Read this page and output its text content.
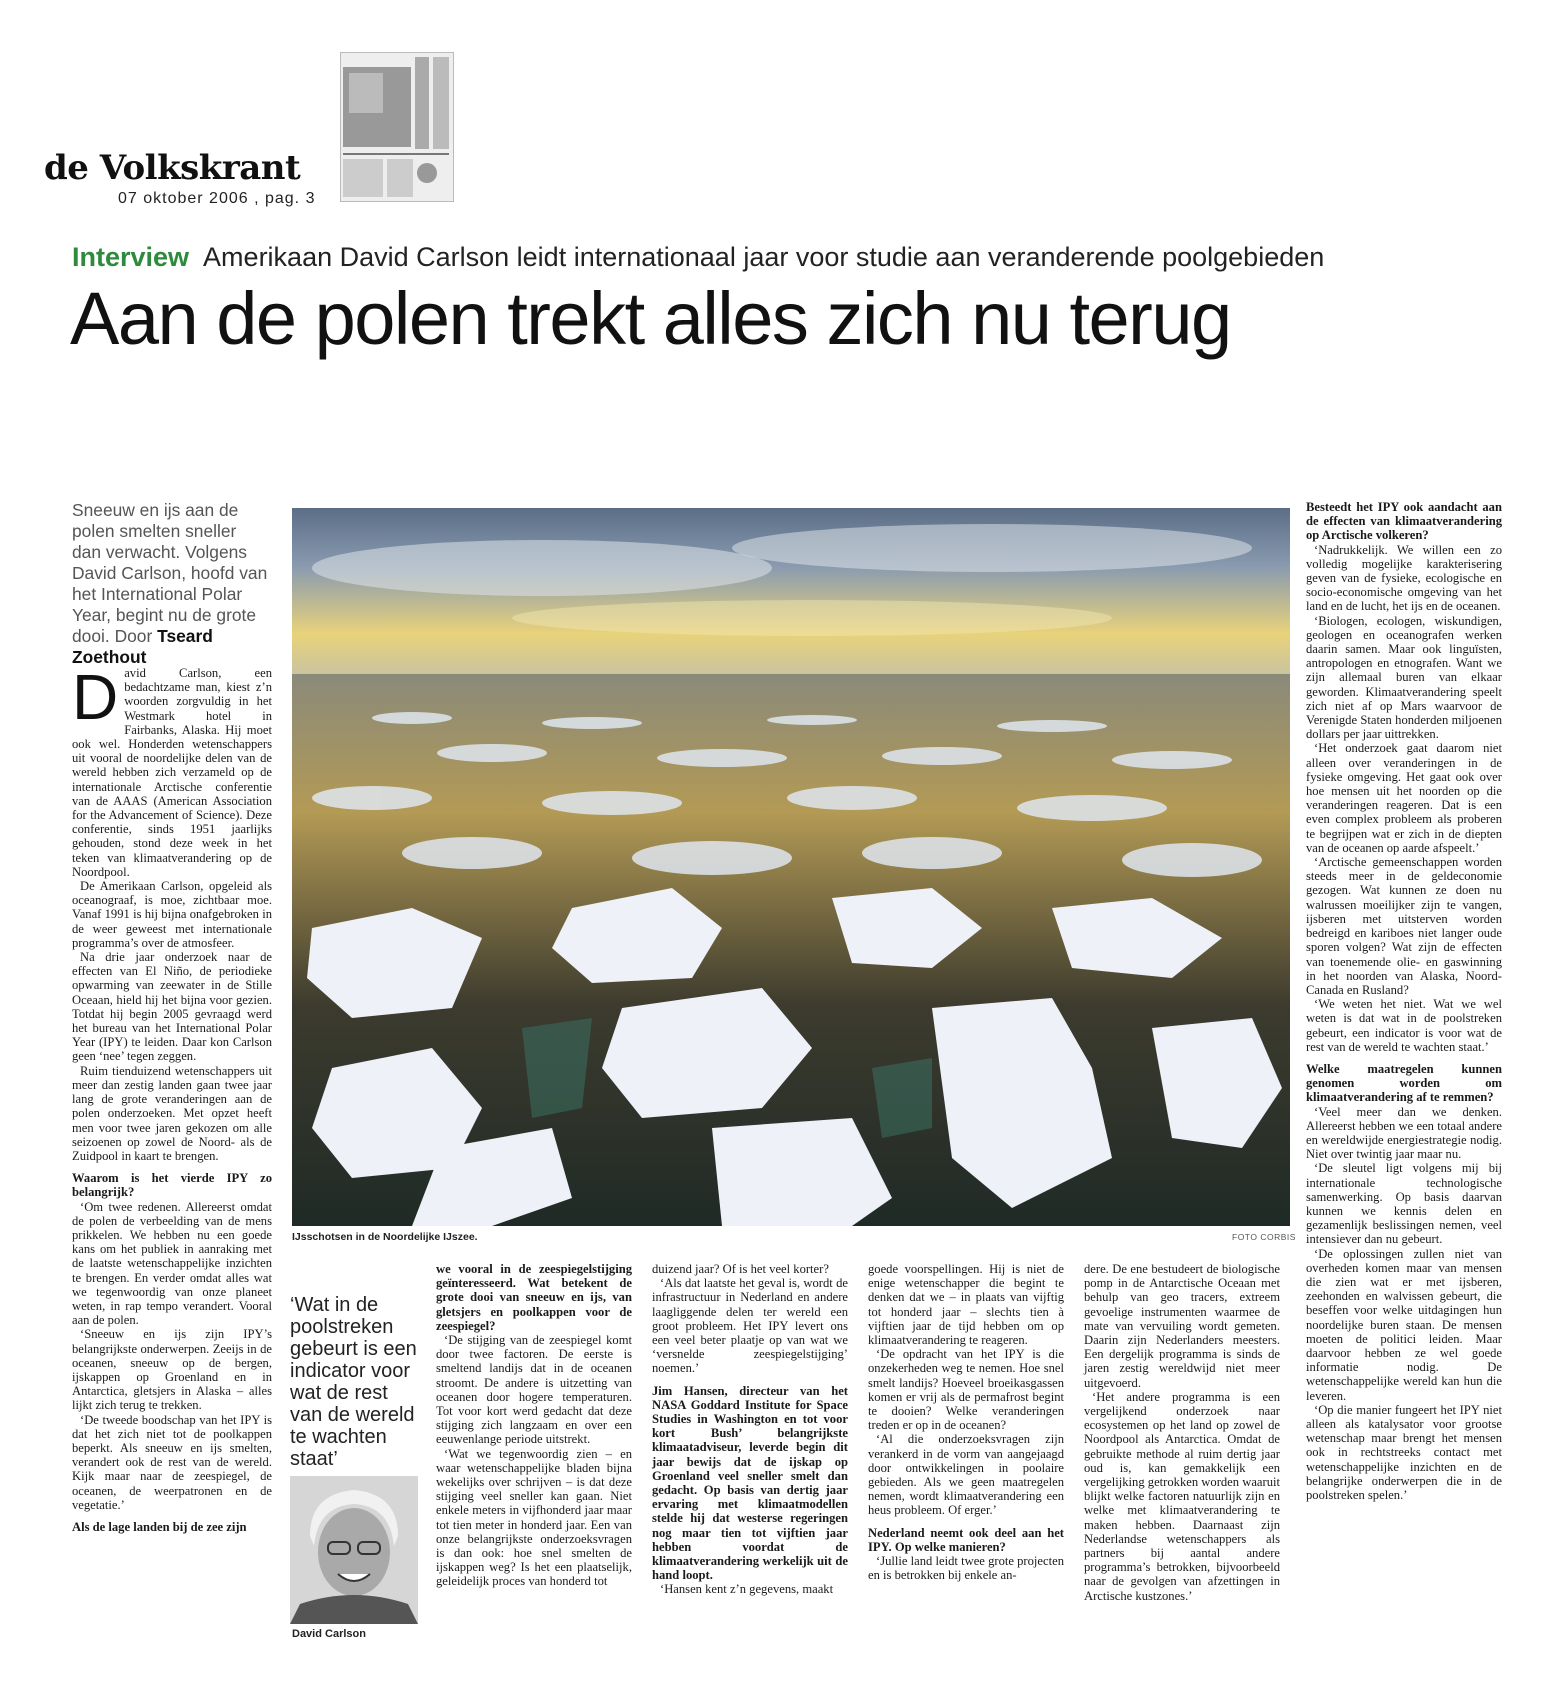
de Volkskrant
07 oktober 2006 , pag. 3
Interview Amerikaan David Carlson leidt internationaal jaar voor studie aan veranderende poolgebieden
Aan de polen trekt alles zich nu terug
Sneeuw en ijs aan de polen smelten sneller dan verwacht. Volgens David Carlson, hoofd van het International Polar Year, begint nu de grote dooi. Door Tseard Zoethout
IJsschotsen in de Noordelijke IJszee.	FOTO CORBIS
D avid Carlson, een bedachtzame man, kiest z’n woorden zorgvuldig in het Westmark hotel in Fairbanks, Alaska. Hij moet ook wel. Honderden wetenschappers uit vooral de noordelijke delen van de wereld hebben zich verzameld op de internationale Arctische conferentie van de AAAS (American Association for the Advancement of Science). Deze conferentie, sinds 1951 jaarlijks gehouden, stond deze week in het teken van klimaatverandering op de Noordpool.

De Amerikaan Carlson, opgeleid als oceanograaf, is moe, zichtbaar moe. Vanaf 1991 is hij bijna onafgebroken in de weer geweest met internationale programma’s over de atmosfeer.

Na drie jaar onderzoek naar de effecten van El Niño, de periodieke opwarming van zeewater in de Stille Oceaan, hield hij het bijna voor gezien. Totdat hij begin 2005 gevraagd werd het bureau van het International Polar Year (IPY) te leiden. Daar kon Carlson geen ‘nee’ tegen zeggen.

Ruim tienduizend wetenschappers uit meer dan zestig landen gaan twee jaar lang de grote veranderingen aan de polen onderzoeken. Met opzet heeft men voor twee jaren gekozen om alle seizoenen op zowel de Noord- als de Zuidpool in kaart te brengen.

Waarom is het vierde IPY zo belangrijk?

‘Om twee redenen. Allereerst omdat de polen de verbeelding van de mens prikkelen. We hebben nu een goede kans om het publiek in aanraking met de laatste wetenschappelijke inzichten te brengen. En verder omdat alles wat we tegenwoordig van onze planeet weten, in rap tempo verandert. Vooral aan de polen.

‘Sneeuw en ijs zijn IPY’s belangrijkste onderwerpen. Zeeijs in de oceanen, sneeuw op de bergen, ijskappen op Groenland en in Antarctica, gletsjers in Alaska – alles lijkt zich terug te trekken.

‘De tweede boodschap van het IPY is dat het zich niet tot de poolkappen beperkt. Als sneeuw en ijs smelten, verandert ook de rest van de wereld. Kijk maar naar de zeespiegel, de oceanen, de weerpatronen en de vegetatie.’

Als de lage landen bij de zee zijn

‘Wat in de poolstreken gebeurt is een indicator voor wat de rest van de wereld te wachten staat’
David Carlson

we vooral in de zeespiegelstijging geïnteresseerd. Wat betekent de grote dooi van sneeuw en ijs, van gletsjers en poolkappen voor de zeespiegel?

‘De stijging van de zeespiegel komt door twee factoren. De eerste is smeltend landijs dat in de oceanen stroomt. De andere is uitzetting van oceanen door hogere temperaturen. Tot voor kort werd gedacht dat deze stijging zich langzaam en over een eeuwenlange periode uitstrekt.

‘Wat we tegenwoordig zien – en waar wetenschappelijke bladen bijna wekelijks over schrijven – is dat deze stijging veel sneller kan gaan. Niet enkele meters in vijfhonderd jaar maar tot tien meter in honderd jaar. Een van onze belangrijkste onderzoeksvragen is dan ook: hoe snel smelten de ijskappen weg? Is het een plaatselijk, geleidelijk proces van honderd tot

duizend jaar? Of is het veel korter?

‘Als dat laatste het geval is, wordt de infrastructuur in Nederland en andere laagliggende delen ter wereld een groot probleem. Het IPY levert ons een veel beter plaatje op van wat we ‘versnelde zeespiegelstijging’ noemen.’

Jim Hansen, directeur van het NASA Goddard Institute for Space Studies in Washington en tot voor kort Bush’ belangrijkste klimaatadviseur, leverde begin dit jaar bewijs dat de ijskap op Groenland veel sneller smelt dan gedacht. Op basis van dertig jaar ervaring met klimaatmodellen stelde hij dat westerse regeringen nog maar tien tot vijftien jaar hebben voordat de klimaatverandering werkelijk uit de hand loopt.

‘Hansen kent z’n gegevens, maakt

goede voorspellingen. Hij is niet de enige wetenschapper die begint te denken dat we – in plaats van vijftig tot honderd jaar – slechts tien à vijftien jaar de tijd hebben om op klimaatverandering te reageren.

‘De opdracht van het IPY is die onzekerheden weg te nemen. Hoe snel smelt landijs? Hoeveel broeikasgassen komen er vrij als de permafrost begint te dooien? Welke veranderingen treden er op in de oceanen?

‘Al die onderzoeksvragen zijn verankerd in de vorm van aangejaagd door ontwikkelingen in poolaire gebieden. Als we geen maatregelen nemen, wordt klimaatverandering een heus probleem. Of erger.’

Nederland neemt ook deel aan het IPY. Op welke manieren?

‘Jullie land leidt twee grote projecten en is betrokken bij enkele an-

dere. De ene bestudeert de biologische pomp in de Antarctische Oceaan met behulp van geo tracers, extreem gevoelige instrumenten waarmee de mate van vervuiling wordt gemeten. Daarin zijn Nederlanders meesters. Een dergelijk programma is sinds de jaren zestig wereldwijd niet meer uitgevoerd.

‘Het andere programma is een vergelijkend onderzoek naar ecosystemen op het land op zowel de Noordpool als Antarctica. Omdat de gebruikte methode al ruim dertig jaar oud is, kan gemakkelijk een vergelijking getrokken worden waaruit blijkt welke factoren natuurlijk zijn en welke met klimaatverandering te maken hebben. Daarnaast zijn Nederlandse wetenschappers als partners bij aantal andere programma’s betrokken, bijvoorbeeld naar de gevolgen van afzettingen in Arctische kustzones.’

Besteedt het IPY ook aandacht aan de effecten van klimaatverandering op Arctische volkeren?

‘Nadrukkelijk. We willen een zo volledig mogelijke karakterisering geven van de fysieke, ecologische en socio-economische omgeving van het land en de lucht, het ijs en de oceanen.

‘Biologen, ecologen, wiskundigen, geologen en oceanografen werken daarin samen. Maar ook linguïsten, antropologen en etnografen. Want we zijn allemaal buren van elkaar geworden. Klimaatverandering speelt zich niet af op Mars waarvoor de Verenigde Staten honderden miljoenen dollars per jaar uittrekken.

‘Het onderzoek gaat daarom niet alleen over veranderingen in de fysieke omgeving. Het gaat ook over hoe mensen uit het noorden op die veranderingen reageren. Dat is een even complex probleem als proberen te begrijpen wat er zich in de diepten van de oceanen op aarde afspeelt.’

‘Arctische gemeenschappen worden steeds meer in de geldeconomie gezogen. Wat kunnen ze doen nu walrussen moeilijker zijn te vangen, ijsberen met uitsterven worden bedreigd en kariboes niet langer oude sporen volgen? Wat zijn de effecten van toenemende olie- en gaswinning in het noorden van Alaska, Noord-Canada en Rusland?

‘We weten het niet. Wat we wel weten is dat wat in de poolstreken gebeurt, een indicator is voor wat de rest van de wereld te wachten staat.’

Welke maatregelen kunnen genomen worden om klimaatverandering af te remmen?

‘Veel meer dan we denken. Allereerst hebben we een totaal andere en wereldwijde energiestrategie nodig. Niet over twintig jaar maar nu.

‘De sleutel ligt volgens mij bij internationale technologische samenwerking. Op basis daarvan kunnen we kennis delen en gezamenlijk beslissingen nemen, veel intensiever dan nu gebeurt.

‘De oplossingen zullen niet van overheden komen maar van mensen die zien wat er met ijsberen, zeehonden en walvissen gebeurt, die beseffen voor welke uitdagingen hun noordelijke buren staan. De mensen moeten de politici leiden. Maar daarvoor hebben ze wel goede informatie nodig. De wetenschappelijke wereld kan hun die leveren.

‘Op die manier fungeert het IPY niet alleen als katalysator voor grootse wetenschap maar brengt het mensen ook in rechtstreeks contact met wetenschappelijke inzichten en de belangrijke onderwerpen die in de poolstreken spelen.’
